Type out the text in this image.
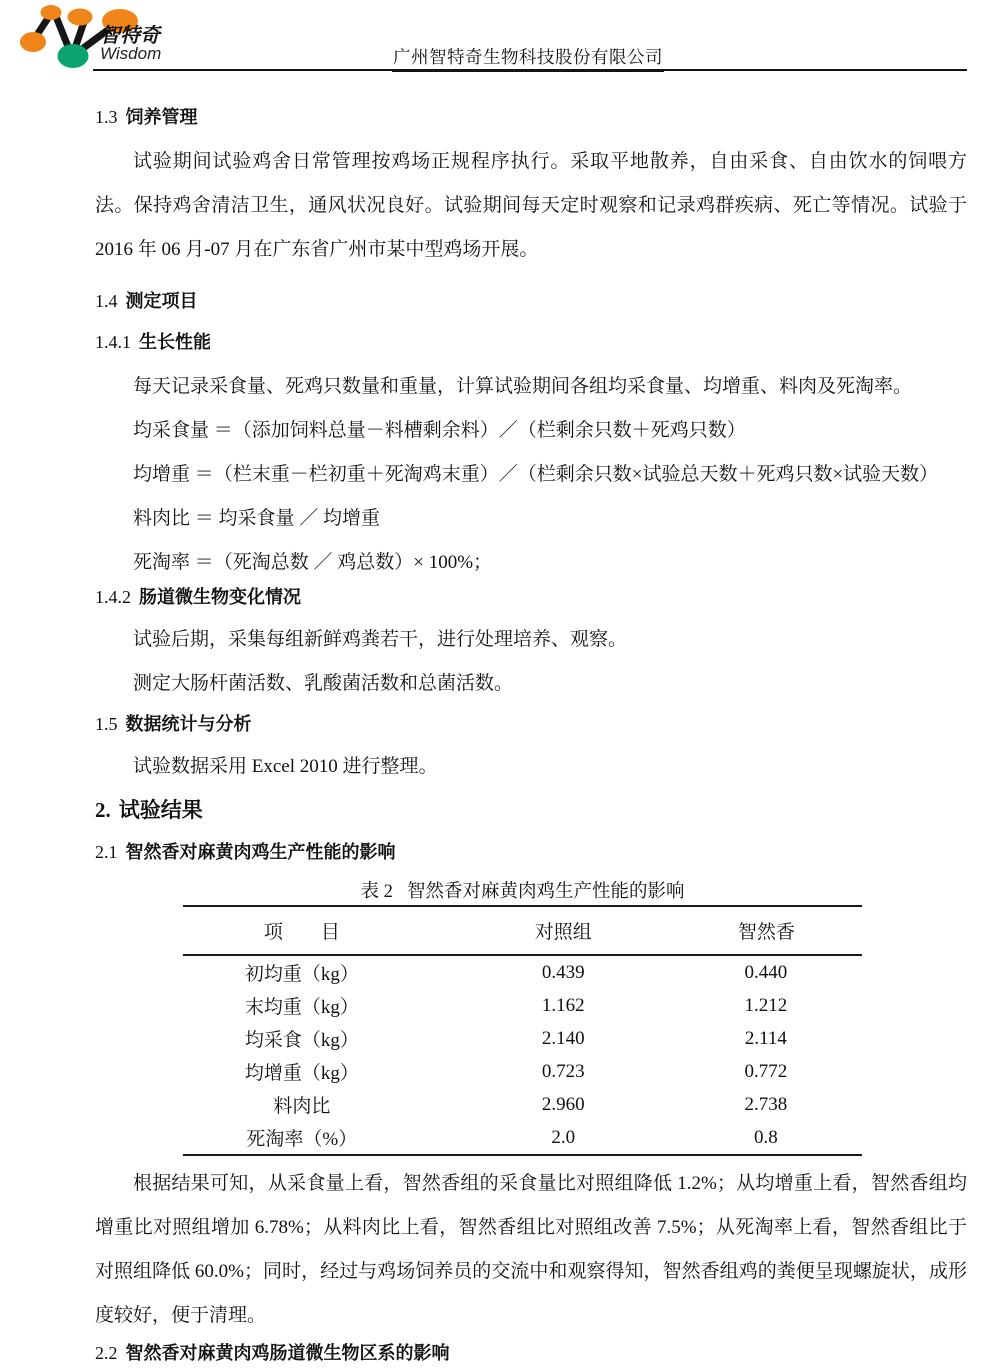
智特奇
Wisdom	广州智特奇生物科技股份有限公司
1.3 饲养管理

试验期间试验鸡舍日常管理按鸡场正规程序执行。采取平地散养，自由采食、自由饮水的饲喂方法。保持鸡舍清洁卫生，通风状况良好。试验期间每天定时观察和记录鸡群疾病、死亡等情况。试验于 2016 年 06 月-07 月在广东省广州市某中型鸡场开展。

1.4 测定项目
1.4.1 生长性能

每天记录采食量、死鸡只数量和重量，计算试验期间各组均采食量、均增重、料肉及死淘率。

均采食量 ＝（添加饲料总量－料槽剩余料）／（栏剩余只数＋死鸡只数）
均增重 ＝（栏末重－栏初重＋死淘鸡末重）／（栏剩余只数×试验总天数＋死鸡只数×试验天数）
料肉比 ＝ 均采食量 ／ 均增重
死淘率 ＝（死淘总数 ／ 鸡总数）× 100%；
1.4.2 肠道微生物变化情况

试验后期，采集每组新鲜鸡粪若干，进行处理培养、观察。

测定大肠杆菌活数、乳酸菌活数和总菌活数。

1.5 数据统计与分析

试验数据采用 Excel 2010 进行整理。

2. 试验结果
2.1 智然香对麻黄肉鸡生产性能的影响
表 2 智然香对麻黄肉鸡生产性能的影响
项　　目	对照组	智然香
初均重（kg）	0.439	0.440
末均重（kg）	1.162	1.212
均采食（kg）	2.140	2.114
均增重（kg）	0.723	0.772
料肉比	2.960	2.738
死淘率（%）	2.0	0.8

根据结果可知，从采食量上看，智然香组的采食量比对照组降低 1.2%；从均增重上看，智然香组均增重比对照组增加 6.78%；从料肉比上看，智然香组比对照组改善 7.5%；从死淘率上看，智然香组比于对照组降低 60.0%；同时，经过与鸡场饲养员的交流中和观察得知，智然香组鸡的粪便呈现螺旋状，成形度较好，便于清理。

2.2 智然香对麻黄肉鸡肠道微生物区系的影响
